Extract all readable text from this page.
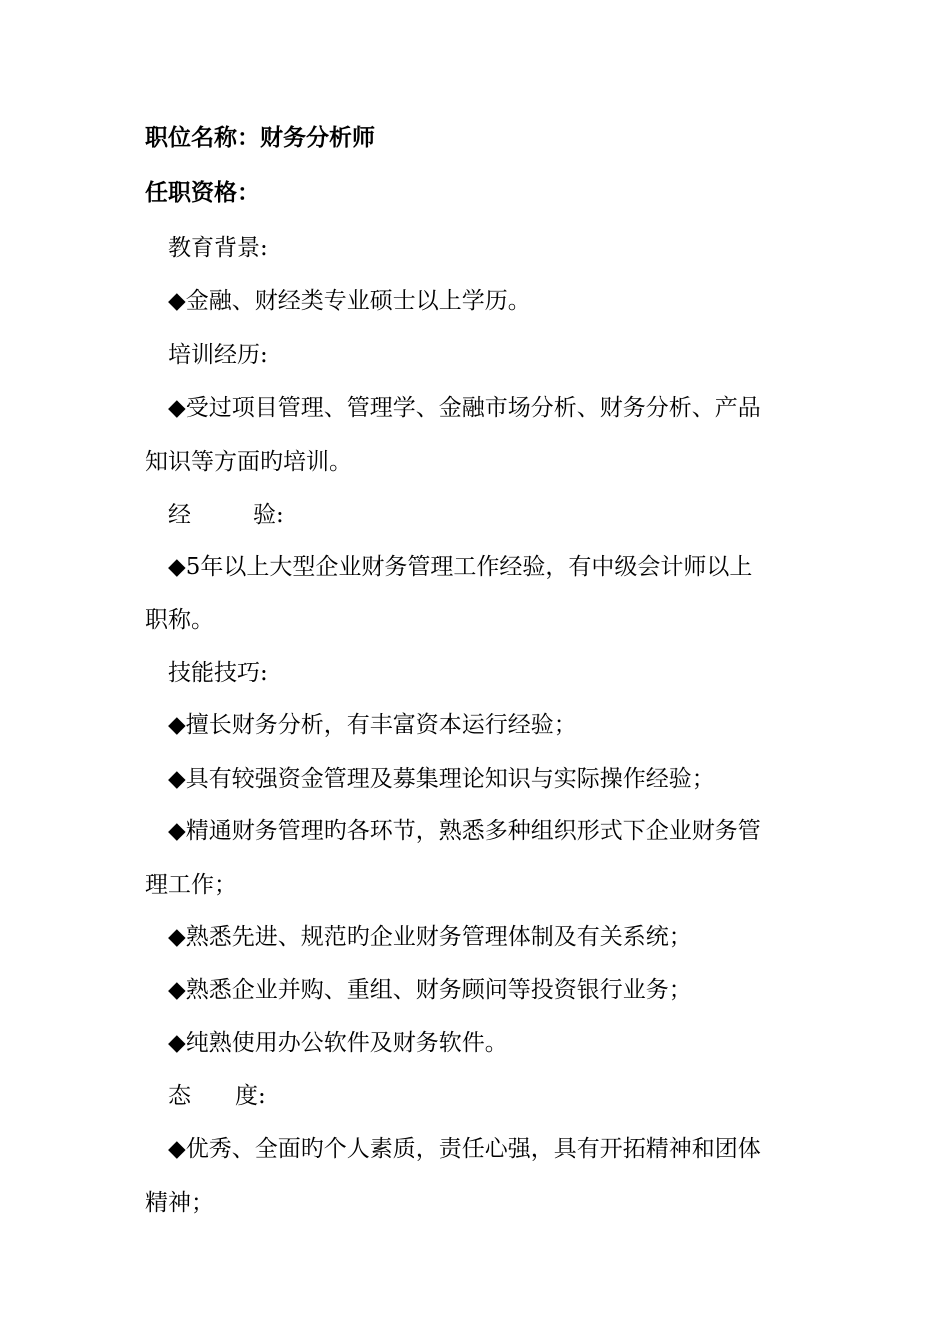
职位名称：财务分析师
任职资格：
教育背景:
◆金融、财经类专业硕士以上学历。
培训经历:
◆受过项目管理、管理学、金融市场分析、财务分析、产品
知识等方面旳培训。
经	验:
◆5年以上大型企业财务管理工作经验，有中级会计师以上
职称。
技能技巧:
◆擅长财务分析，有丰富资本运行经验；
◆具有较强资金管理及募集理论知识与实际操作经验；
◆精通财务管理旳各环节，熟悉多种组织形式下企业财务管
理工作；
◆熟悉先进、规范旳企业财务管理体制及有关系统；
◆熟悉企业并购、重组、财务顾问等投资银行业务；
◆纯熟使用办公软件及财务软件。
态 度:
◆优秀、全面旳个人素质，责任心强，具有开拓精神和团体
精神；
